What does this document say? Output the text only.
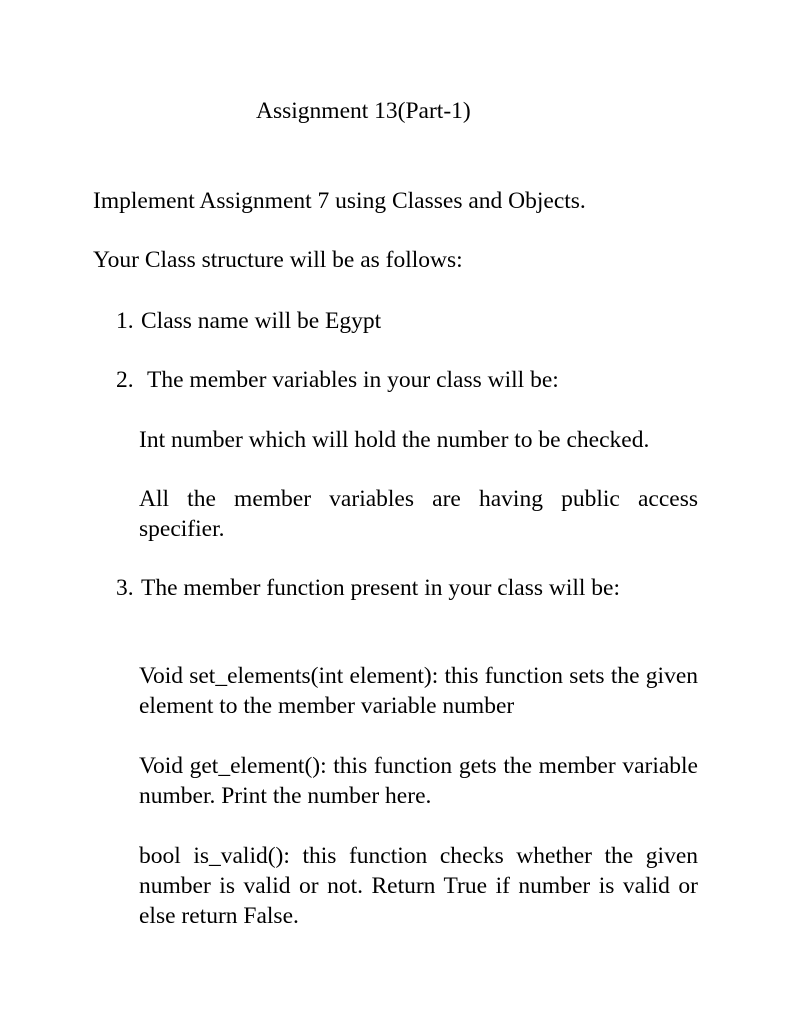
Assignment 13(Part-1)

Implement Assignment 7 using Classes and Objects.

Your Class structure will be as follows:

1. Class name will be Egypt
2. The member variables in your class will be:

Int number which will hold the number to be checked.

All the member variables are having public access specifier.

3. The member function present in your class will be:

Void set_elements(int element): this function sets the given element to the member variable number

Void get_element(): this function gets the member variable number. Print the number here.

bool is_valid(): this function checks whether the given number is valid or not. Return True if number is valid or else return False.
